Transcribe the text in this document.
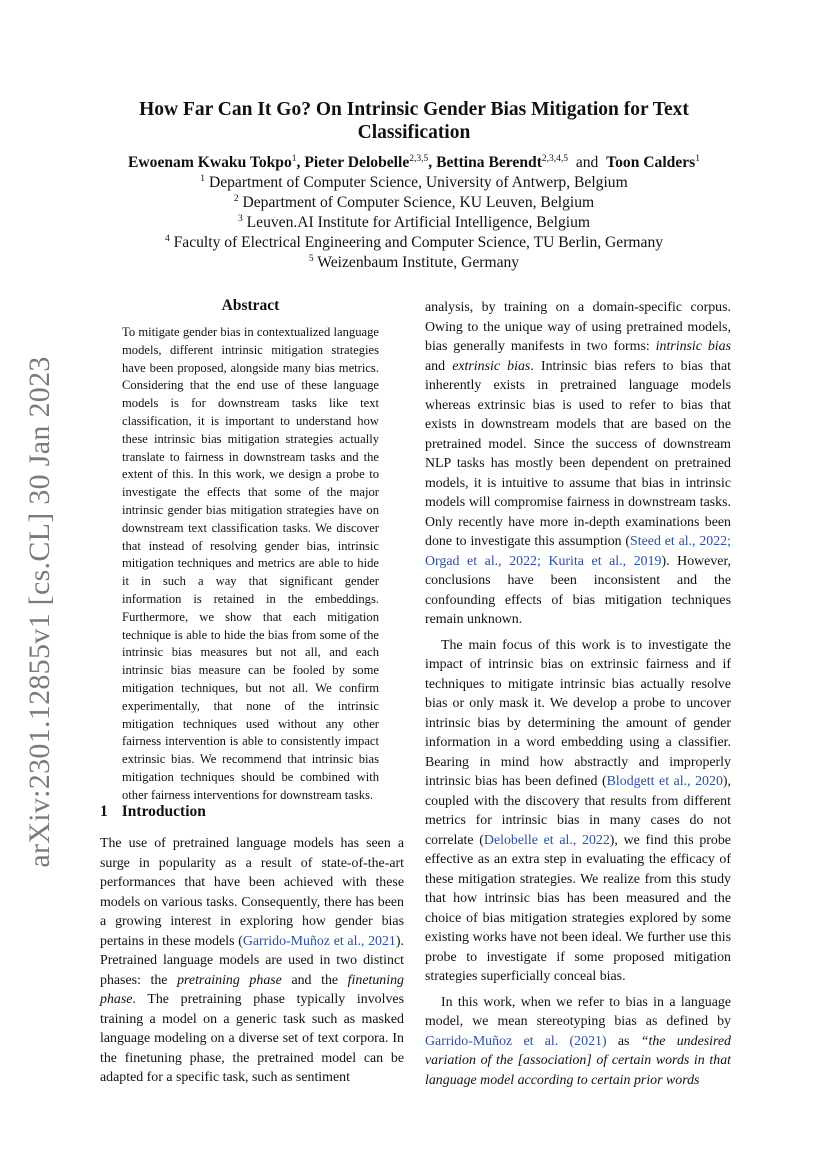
arXiv:2301.12855v1 [cs.CL] 30 Jan 2023
How Far Can It Go? On Intrinsic Gender Bias Mitigation for Text Classification
Ewoenam Kwaku Tokpo$^1$, Pieter Delobelle$^{2,3,5}$, Bettina Berendt$^{2,3,4,5}$ and Toon Calders$^1$
$^1$ Department of Computer Science, University of Antwerp, Belgium
$^2$ Department of Computer Science, KU Leuven, Belgium
$^3$ Leuven.AI Institute for Artificial Intelligence, Belgium
$^4$ Faculty of Electrical Engineering and Computer Science, TU Berlin, Germany
$^5$ Weizenbaum Institute, Germany
Abstract
To mitigate gender bias in contextualized language models, different intrinsic mitigation strategies have been proposed, alongside many bias metrics. Considering that the end use of these language models is for downstream tasks like text classification, it is important to understand how these intrinsic bias mitigation strategies actually translate to fairness in downstream tasks and the extent of this. In this work, we design a probe to investigate the effects that some of the major intrinsic gender bias mitigation strategies have on downstream text classification tasks. We discover that instead of resolving gender bias, intrinsic mitigation techniques and metrics are able to hide it in such a way that significant gender information is retained in the embeddings. Furthermore, we show that each mitigation technique is able to hide the bias from some of the intrinsic bias measures but not all, and each intrinsic bias measure can be fooled by some mitigation techniques, but not all. We confirm experimentally, that none of the intrinsic mitigation techniques used without any other fairness intervention is able to consistently impact extrinsic bias. We recommend that intrinsic bias mitigation techniques should be combined with other fairness interventions for downstream tasks.
1 Introduction

The use of pretrained language models has seen a surge in popularity as a result of state-of-the-art performances that have been achieved with these models on various tasks. Consequently, there has been a growing interest in exploring how gender bias pertains in these models (Garrido-Muñoz et al., 2021). Pretrained language models are used in two distinct phases: the pretraining phase and the finetuning phase. The pretraining phase typically involves training a model on a generic task such as masked language modeling on a diverse set of text corpora. In the finetuning phase, the pretrained model can be adapted for a specific task, such as sentiment

analysis, by training on a domain-specific corpus. Owing to the unique way of using pretrained models, bias generally manifests in two forms: intrinsic bias and extrinsic bias. Intrinsic bias refers to bias that inherently exists in pretrained language models whereas extrinsic bias is used to refer to bias that exists in downstream models that are based on the pretrained model. Since the success of downstream NLP tasks has mostly been dependent on pretrained models, it is intuitive to assume that bias in intrinsic models will compromise fairness in downstream tasks. Only recently have more in-depth examinations been done to investigate this assumption (Steed et al., 2022; Orgad et al., 2022; Kurita et al., 2019). However, conclusions have been inconsistent and the confounding effects of bias mitigation techniques remain unknown.

The main focus of this work is to investigate the impact of intrinsic bias on extrinsic fairness and if techniques to mitigate intrinsic bias actually resolve bias or only mask it. We develop a probe to uncover intrinsic bias by determining the amount of gender information in a word embedding using a classifier. Bearing in mind how abstractly and improperly intrinsic bias has been defined (Blodgett et al., 2020), coupled with the discovery that results from different metrics for intrinsic bias in many cases do not correlate (Delobelle et al., 2022), we find this probe effective as an extra step in evaluating the efficacy of these mitigation strategies. We realize from this study that how intrinsic bias has been measured and the choice of bias mitigation strategies explored by some existing works have not been ideal. We further use this probe to investigate if some proposed mitigation strategies superficially conceal bias.

In this work, when we refer to bias in a language model, we mean stereotyping bias as defined by Garrido-Muñoz et al. (2021) as “the undesired variation of the [association] of certain words in that language model according to certain prior words
